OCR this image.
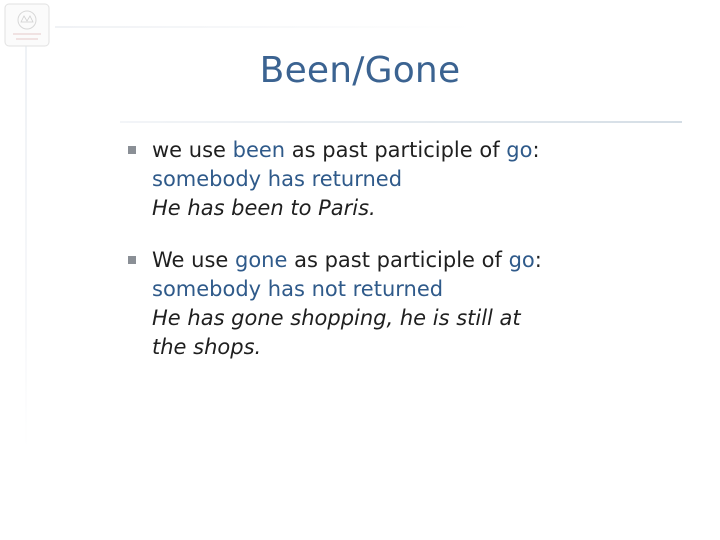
Been/Gone
we use been as past participle of go:
somebody has returned
He has been to Paris.
We use gone as past participle of go:
somebody has not returned
He has gone shopping, he is still at the shops.
